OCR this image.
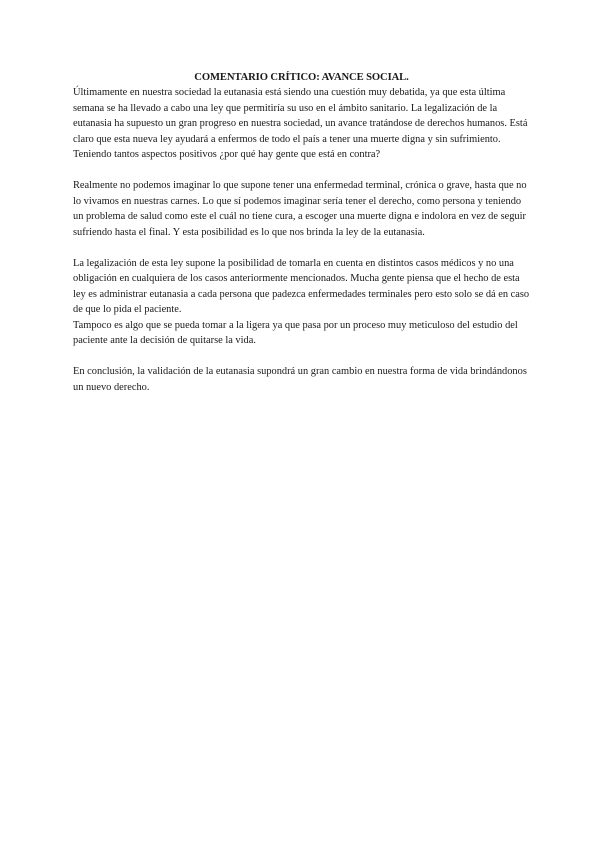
COMENTARIO CRÍTICO: AVANCE SOCIAL.

Últimamente en nuestra sociedad la eutanasia está siendo una cuestión muy debatida, ya que esta última semana se ha llevado a cabo una ley que permitiría su uso en el ámbito sanitario. La legalización de la eutanasia ha supuesto un gran progreso en nuestra sociedad, un avance tratándose de derechos humanos. Está claro que esta nueva ley ayudará a enfermos de todo el país a tener una muerte digna y sin sufrimiento. Teniendo tantos aspectos positivos ¿por qué hay gente que está en contra?

Realmente no podemos imaginar lo que supone tener una enfermedad terminal, crónica o grave, hasta que no lo vivamos en nuestras carnes. Lo que sí podemos imaginar sería tener el derecho, como persona y teniendo un problema de salud como este el cuál no tiene cura, a escoger una muerte digna e indolora en vez de seguir sufriendo hasta el final. Y esta posibilidad es lo que nos brinda la ley de la eutanasia.

La legalización de esta ley supone la posibilidad de tomarla en cuenta en distintos casos médicos y no una obligación en cualquiera de los casos anteriormente mencionados. Mucha gente piensa que el hecho de esta ley es administrar eutanasia a cada persona que padezca enfermedades terminales pero esto solo se dá en caso de que lo pida el paciente.

Tampoco es algo que se pueda tomar a la ligera ya que pasa por un proceso muy meticuloso del estudio del paciente ante la decisión de quitarse la vida.

En conclusión, la validación de la eutanasia supondrá un gran cambio en nuestra forma de vida brindándonos un nuevo derecho.
